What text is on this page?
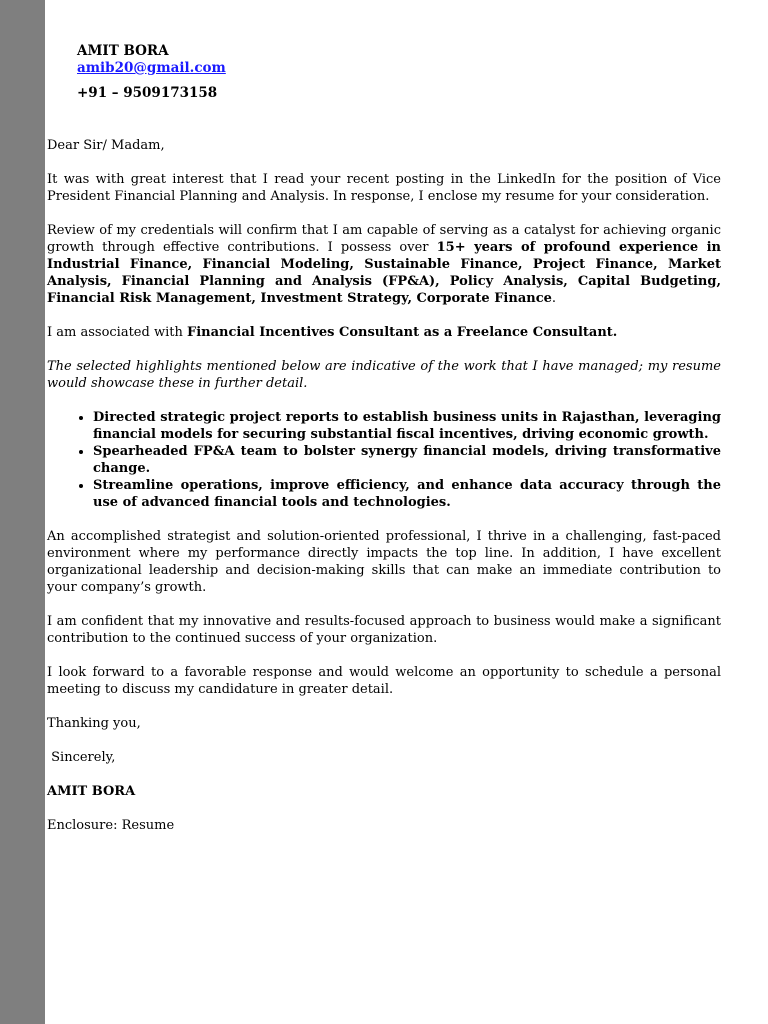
AMIT BORA
amib20@gmail.com
+91 – 9509173158

Dear Sir/ Madam,

It was with great interest that I read your recent posting in the LinkedIn for the position of Vice President Financial Planning and Analysis. In response, I enclose my resume for your consideration.

Review of my credentials will confirm that I am capable of serving as a catalyst for achieving organic growth through effective contributions. I possess over 15+ years of profound experience in Industrial Finance, Financial Modeling, Sustainable Finance, Project Finance, Market Analysis, Financial Planning and Analysis (FP&A), Policy Analysis, Capital Budgeting, Financial Risk Management, Investment Strategy, Corporate Finance.

I am associated with Financial Incentives Consultant as a Freelance Consultant.

The selected highlights mentioned below are indicative of the work that I have managed; my resume would showcase these in further detail.

• Directed strategic project reports to establish business units in Rajasthan, leveraging financial models for securing substantial fiscal incentives, driving economic growth.
• Spearheaded FP&A team to bolster synergy financial models, driving transformative change.
• Streamline operations, improve efficiency, and enhance data accuracy through the use of advanced financial tools and technologies.

An accomplished strategist and solution-oriented professional, I thrive in a challenging, fast-paced environment where my performance directly impacts the top line. In addition, I have excellent organizational leadership and decision-making skills that can make an immediate contribution to your company’s growth.

I am confident that my innovative and results-focused approach to business would make a significant contribution to the continued success of your organization.

I look forward to a favorable response and would welcome an opportunity to schedule a personal meeting to discuss my candidature in greater detail.

Thanking you,

Sincerely,

AMIT BORA

Enclosure: Resume
